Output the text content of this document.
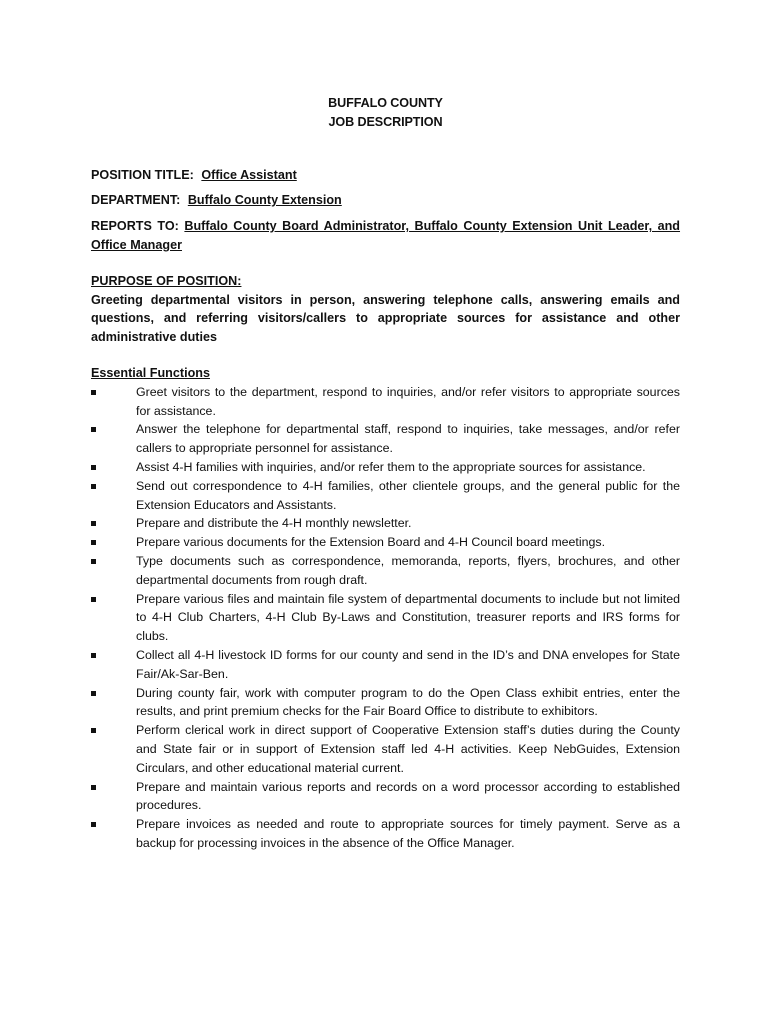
BUFFALO COUNTY
JOB DESCRIPTION
POSITION TITLE: Office Assistant
DEPARTMENT: Buffalo County Extension
REPORTS TO: Buffalo County Board Administrator, Buffalo County Extension Unit Leader, and Office Manager
PURPOSE OF POSITION:
Greeting departmental visitors in person, answering telephone calls, answering emails and questions, and referring visitors/callers to appropriate sources for assistance and other administrative duties
Essential Functions
Greet visitors to the department, respond to inquiries, and/or refer visitors to appropriate sources for assistance.
Answer the telephone for departmental staff, respond to inquiries, take messages, and/or refer callers to appropriate personnel for assistance.
Assist 4-H families with inquiries, and/or refer them to the appropriate sources for assistance.
Send out correspondence to 4-H families, other clientele groups, and the general public for the Extension Educators and Assistants.
Prepare and distribute the 4-H monthly newsletter.
Prepare various documents for the Extension Board and 4-H Council board meetings.
Type documents such as correspondence, memoranda, reports, flyers, brochures, and other departmental documents from rough draft.
Prepare various files and maintain file system of departmental documents to include but not limited to 4-H Club Charters, 4-H Club By-Laws and Constitution, treasurer reports and IRS forms for clubs.
Collect all 4-H livestock ID forms for our county and send in the ID’s and DNA envelopes for State Fair/Ak-Sar-Ben.
During county fair, work with computer program to do the Open Class exhibit entries, enter the results, and print premium checks for the Fair Board Office to distribute to exhibitors.
Perform clerical work in direct support of Cooperative Extension staff’s duties during the County and State fair or in support of Extension staff led 4-H activities. Keep NebGuides, Extension Circulars, and other educational material current.
Prepare and maintain various reports and records on a word processor according to established procedures.
Prepare invoices as needed and route to appropriate sources for timely payment. Serve as a backup for processing invoices in the absence of the Office Manager.
